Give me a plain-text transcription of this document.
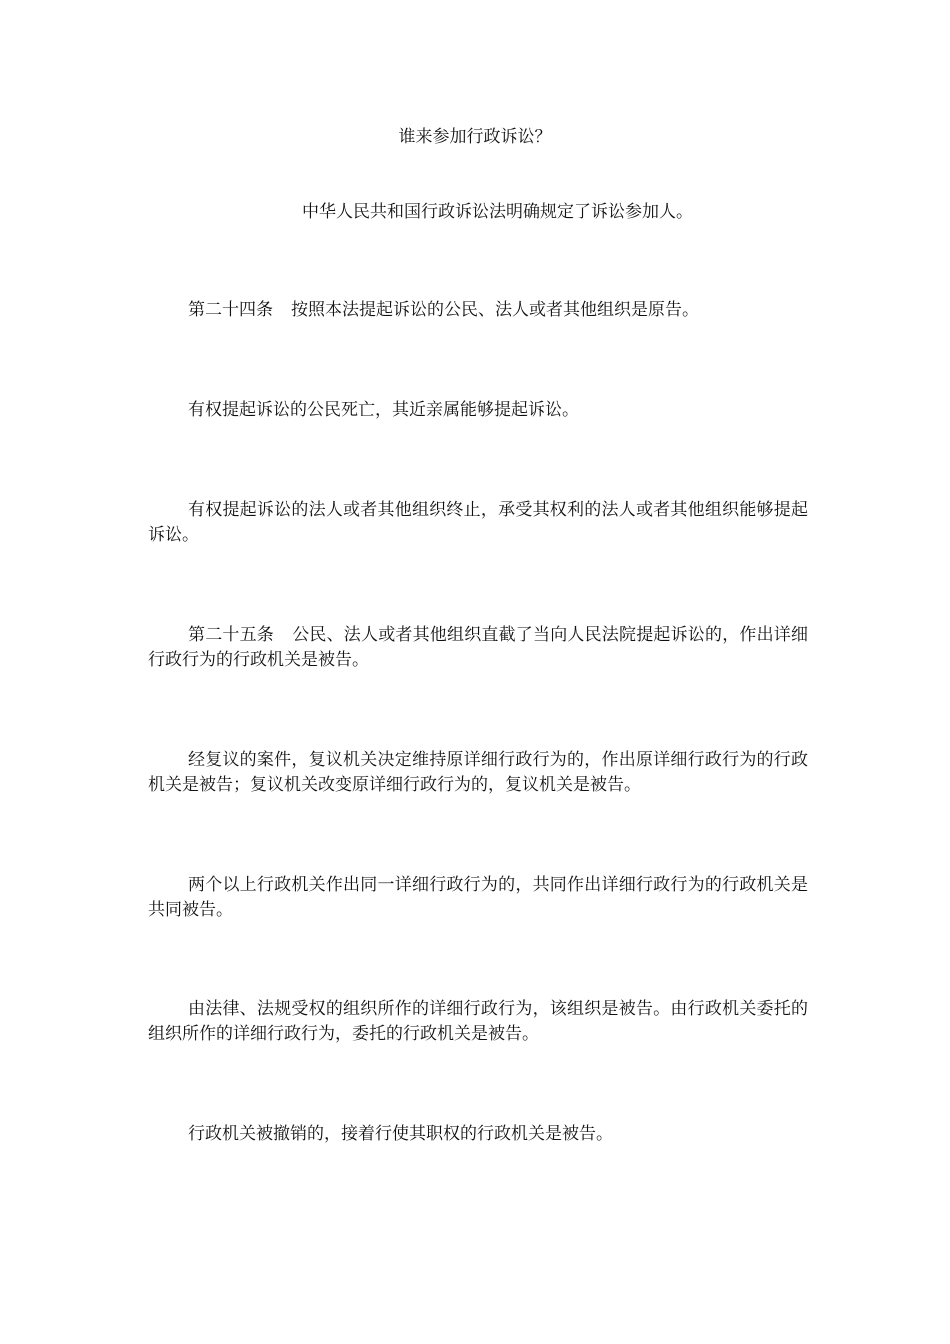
谁来参加行政诉讼？
中华人民共和国行政诉讼法明确规定了诉讼参加人。

第二十四条 按照本法提起诉讼的公民、法人或者其他组织是原告。

有权提起诉讼的公民死亡，其近亲属能够提起诉讼。

有权提起诉讼的法人或者其他组织终止，承受其权利的法人或者其他组织能够提起诉讼。

第二十五条 公民、法人或者其他组织直截了当向人民法院提起诉讼的，作出详细行政行为的行政机关是被告。

经复议的案件，复议机关决定维持原详细行政行为的，作出原详细行政行为的行政机关是被告；复议机关改变原详细行政行为的，复议机关是被告。

两个以上行政机关作出同一详细行政行为的，共同作出详细行政行为的行政机关是共同被告。

由法律、法规受权的组织所作的详细行政行为，该组织是被告。由行政机关委托的组织所作的详细行政行为，委托的行政机关是被告。

行政机关被撤销的，接着行使其职权的行政机关是被告。
